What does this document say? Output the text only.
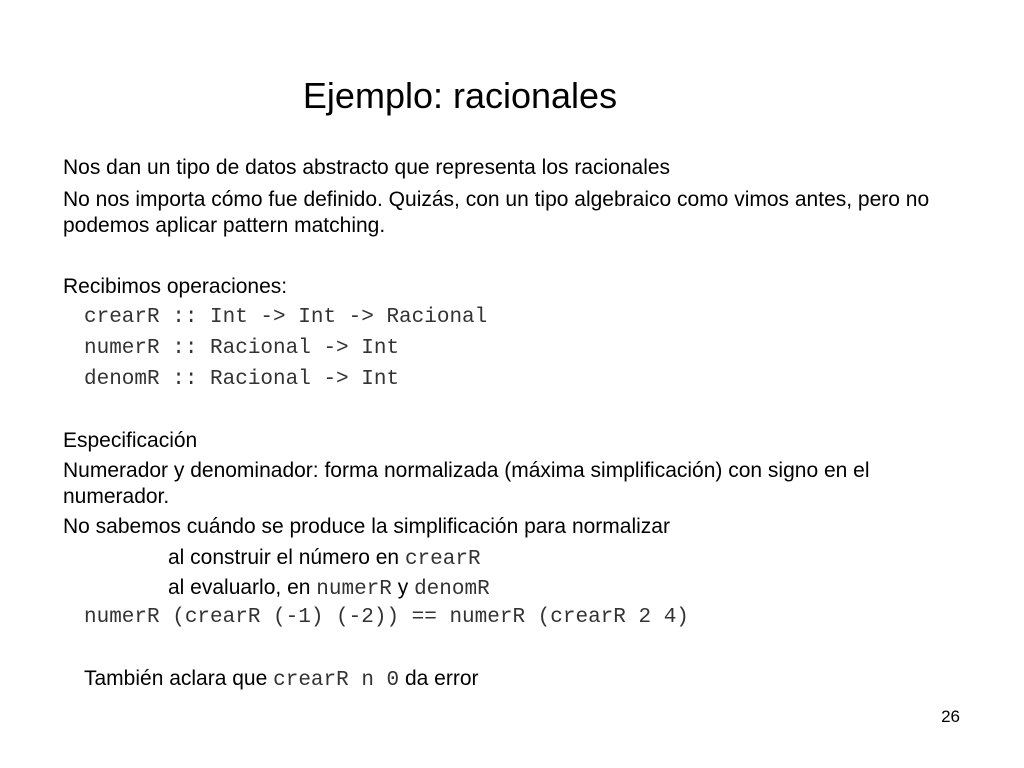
Ejemplo: racionales
Nos dan un tipo de datos abstracto que representa los racionales
No nos importa cómo fue definido. Quizás, con un tipo algebraico como vimos antes, pero no podemos aplicar pattern matching.
Recibimos operaciones:
crearR :: Int -> Int -> Racional
numerR :: Racional -> Int
denomR :: Racional -> Int
Especificación
Numerador y denominador: forma normalizada (máxima simplificación) con signo en el numerador.
No sabemos cuándo se produce la simplificación para normalizar
al construir el número en crearR
al evaluarlo, en numerR y denomR
numerR (crearR (-1) (-2)) == numerR (crearR 2 4)
También aclara que crearR n 0 da error
26
